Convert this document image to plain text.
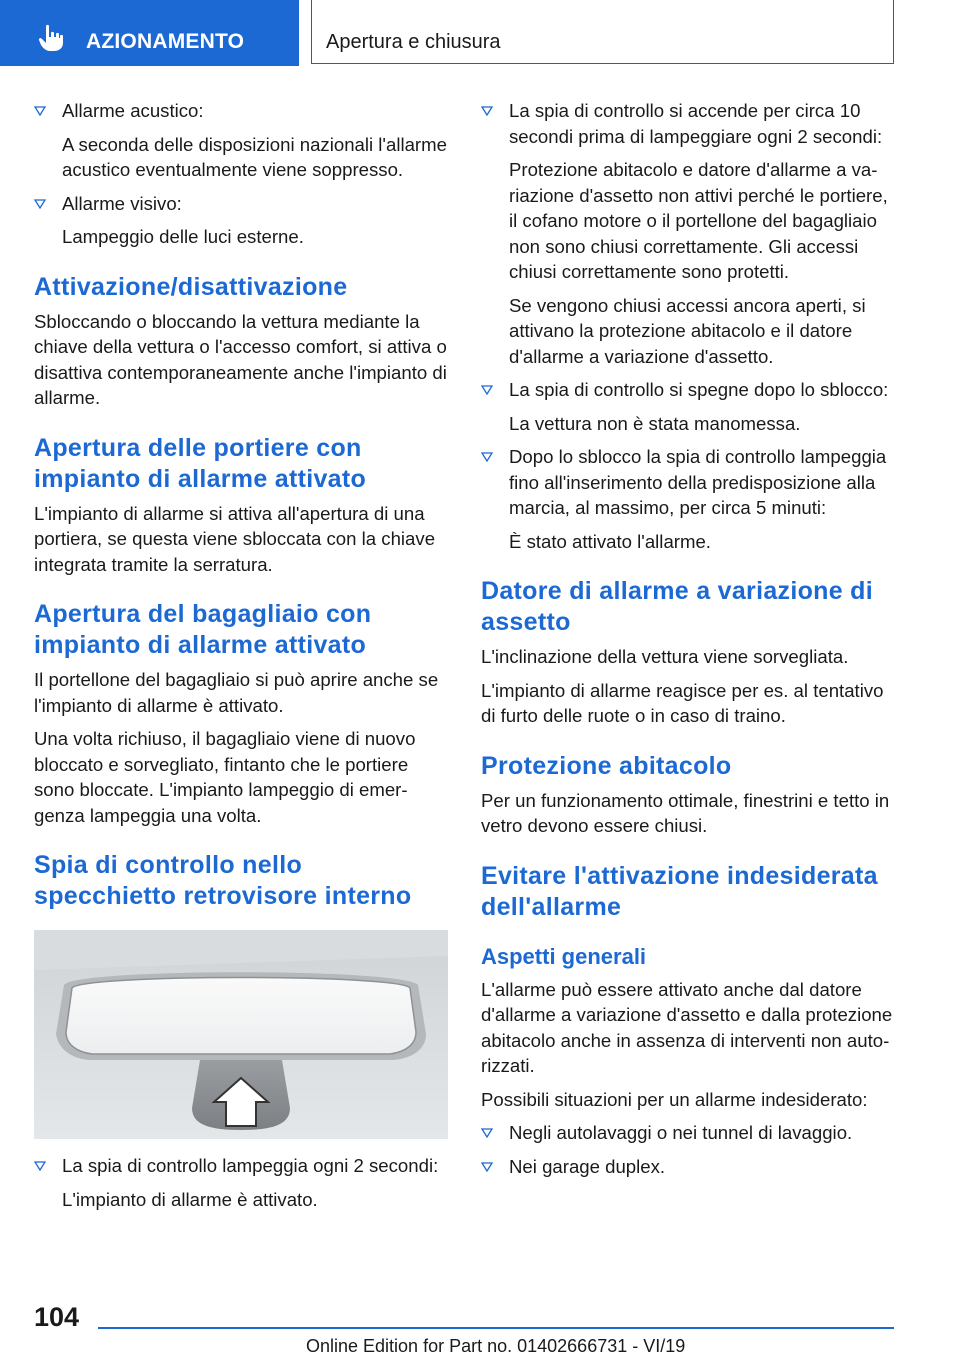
AZIONAMENTO	Apertura e chiusura
Allarme acustico:
A seconda delle disposizioni nazionali l'allarme acustico eventualmente viene soppresso.
Allarme visivo:
Lampeggio delle luci esterne.
Attivazione/disattivazione
Sbloccando o bloccando la vettura mediante la chiave della vettura o l'accesso comfort, si attiva o disattiva contemporaneamente anche l'impianto di allarme.
Apertura delle portiere con impianto di allarme attivato
L'impianto di allarme si attiva all'apertura di una portiera, se questa viene sbloccata con la chiave integrata tramite la serratura.
Apertura del bagagliaio con impianto di allarme attivato
Il portellone del bagagliaio si può aprire anche se l'impianto di allarme è attivato.
Una volta richiuso, il bagagliaio viene di nuovo bloccato e sorvegliato, fintanto che le portiere sono bloccate. L'impianto lampeggio di emergenza lampeggia una volta.
Spia di controllo nello specchietto retrovisore interno
La spia di controllo lampeggia ogni 2 secondi:
L'impianto di allarme è attivato.
La spia di controllo si accende per circa 10 secondi prima di lampeggiare ogni 2 secondi:
Protezione abitacolo e datore d'allarme a variazione d'assetto non attivi perché le portiere, il cofano motore o il portellone del bagagliaio non sono chiusi correttamente. Gli accessi chiusi correttamente sono protetti.
Se vengono chiusi accessi ancora aperti, si attivano la protezione abitacolo e il datore d'allarme a variazione d'assetto.
La spia di controllo si spegne dopo lo sblocco:
La vettura non è stata manomessa.
Dopo lo sblocco la spia di controllo lampeggia fino all'inserimento della predisposizione alla marcia, al massimo, per circa 5 minuti:
È stato attivato l'allarme.
Datore di allarme a variazione di assetto
L'inclinazione della vettura viene sorvegliata.
L'impianto di allarme reagisce per es. al tentativo di furto delle ruote o in caso di traino.
Protezione abitacolo
Per un funzionamento ottimale, finestrini e tetto in vetro devono essere chiusi.
Evitare l'attivazione indesiderata dell'allarme
Aspetti generali
L'allarme può essere attivato anche dal datore d'allarme a variazione d'assetto e dalla protezione abitacolo anche in assenza di interventi non autorizzati.
Possibili situazioni per un allarme indesiderato:
Negli autolavaggi o nei tunnel di lavaggio.
Nei garage duplex.
104
Online Edition for Part no. 01402666731 - VI/19
